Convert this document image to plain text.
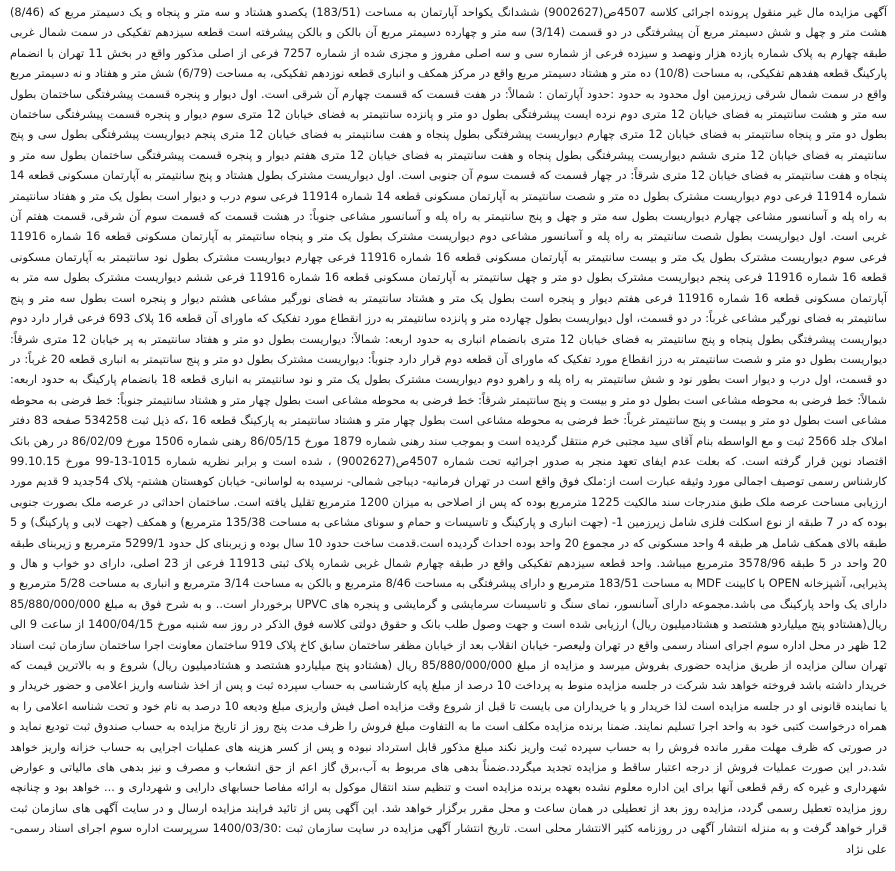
آگهی مزایده مال غیر منقول پرونده اجرائی کلاسه 4507ص(9002627) ششدانگ یکواحد آپارتمان به مساحت (183/51) یکصدو هشتاد و سه متر و پنجاه و یک دسیمتر مربع که (8/46) هشت متر و چهل و شش دسیمتر مربع آن پیشرفتگی در دو قسمت (3/14) سه متر و چهارده دسیمتر مربع آن بالکن و بالکن پیشرفته است قطعه سیزدهم تفکیکی در سمت شمال غربی طبقه چهارم به پلاک شماره یازده هزار ونهصد و سیزده فرعی از شماره سی و سه اصلی مفروز و مجزی شده از شماره 7257 فرعی از اصلی مذکور واقع در بخش 11 تهران با انضمام پارکینگ قطعه هفدهم تفکیکی، به مساحت (10/8) ده متر و هشتاد دسیمتر مربع واقع در مرکز همکف و انباری قطعه نوزدهم تفکیکی، به مساحت (6/79) شش متر و هفتاد و نه دسیمتر مربع واقع در سمت شمال شرقی زیرزمین اول محدود به حدود :حدود آپارتمان : شمالاً: در هفت قسمت که قسمت چهارم آن شرقی است. اول دیوار و پنجره قسمت پیشرفتگی ساختمان بطول سه متر و هشت سانتیمتر به فضای خیابان 12 متری دوم نرده ایست پیشرفتگی بطول دو متر و پانزده سانتیمتر به فضای خیابان 12 متری سوم دیوار و پنجره قسمت پیشرفتگی ساختمان بطول دو متر و پنجاه سانتیمتر به فضای خیابان 12 متری چهارم دیواریست پیشرفتگی بطول پنجاه و هفت سانتیمتر به فضای خیابان 12 متری پنجم دیواریست پیشرفتگی بطول سی و پنج سانتیمتر به فضای خیابان 12 متری ششم دیواریست پیشرفتگی بطول پنجاه و هفت سانتیمتر به فضای خیابان 12 متری هفتم دیوار و پنجره قسمت پیشرفتگی ساختمان بطول سه متر و پنجاه و هفت سانتیمتر به فضای خیابان 12 متری شرقاً: در چهار قسمت که قسمت سوم آن جنوبی است. اول دیواریست مشترک بطول هشتاد و پنج سانتیمتر به آپارتمان مسکونی قطعه 14 شماره 11914 فرعی دوم دیواریست مشترک بطول ده متر و شصت سانتیمتر به آپارتمان مسکونی قطعه 14 شماره 11914 فرعی سوم درب و دیوار است بطول یک متر و هفتاد سانتیمتر به راه پله و آسانسور مشاعی چهارم دیواریست بطول سه متر و چهل و پنج سانتیمتر به راه پله و آسانسور مشاعی جنوباً: در هشت قسمت که قسمت سوم آن شرقی، قسمت هفتم آن غربی است. اول دیواریست بطول شصت سانتیمتر به راه پله و آسانسور مشاعی دوم دیواریست مشترک بطول یک متر و پنجاه سانتیمتر به آپارتمان مسکونی قطعه 16 شماره 11916 فرعی سوم دیواریست مشترک بطول یک متر و بیست سانتیمتر به آپارتمان مسکونی قطعه 16 شماره 11916 فرعی چهارم دیواریست مشترک بطول نود سانتیمتر به آپارتمان مسکونی قطعه 16 شماره 11916 فرعی پنجم دیواریست مشترک بطول دو متر و چهل سانتیمتر به آپارتمان مسکونی قطعه 16 شماره 11916 فرعی ششم دیواریست مشترک بطول سه متر به آپارتمان مسکونی قطعه 16 شماره 11916 فرعی هفتم دیوار و پنجره است بطول یک متر و هشتاد سانتیمتر به فضای نورگیر مشاعی هشتم دیوار و پنجره است بطول سه متر و پنج سانتیمتر به فضای نورگیر مشاعی غرباً: در دو قسمت، اول دیواریست بطول چهارده متر و پانزده سانتیمتر به درز انقطاع مورد تفکیک که ماورای آن قطعه 16 پلاک 693 فرعی قرار دارد دوم دیواریست پیشرفتگی بطول پنجاه و پنج سانتیمتر به فضای خیابان 12 متری بانضمام انباری به حدود اربعه: شمالاً: دیواریست بطول دو متر و هفتاد سانتیمتر به پر خیابان 12 متری شرقاً: دیواریست بطول دو متر و شصت سانتیمتر به درز انقطاع مورد تفکیک که ماورای آن قطعه دوم قرار دارد جنوباً: دیواریست مشترک بطول دو متر و پنج سانتیمتر به انباری قطعه 20 غرباً: در دو قسمت، اول درب و دیوار است بطور نود و شش سانتیمتر به راه پله و راهرو دوم دیواریست مشترک بطول یک متر و نود سانتیمتر به انباری قطعه 18 بانضمام پارکینگ به حدود اربعه: شمالاً: خط فرضی به محوطه مشاعی است بطول دو متر و بیست و پنج سانتیمتر شرقاً: خط فرضی به محوطه مشاعی است بطول چهار متر و هشتاد سانتیمتر جنوباً: خط فرضی به محوطه مشاعی است بطول دو متر و بیست و پنج سانتیمتر غرباً: خط فرضی به محوطه مشاعی است بطول چهار متر و هشتاد سانتیمتر به پارکینگ قطعه 16 ،که ذیل ثبت 534258 صفحه 83 دفتر املاک جلد 2566 ثبت و مع الواسطه بنام آقای سید مجتبی خرم منتقل گردیده است و بموجب سند رهنی شماره 1879 مورخ 86/05/15 رهنی شماره 1506 مورخ 86/02/09 در رهن بانک اقتصاد نوین قرار گرفته است. که بعلت عدم ایفای تعهد منجر به صدور اجرائیه تحت شماره 4507ص(9002627) ، شده است و برابر نظریه شماره 1015-13-99 مورخ 99.10.15 کارشناس رسمی توصیف اجمالی مورد وثیقه عبارت است از:ملک فوق واقع است در تهران فرمانیه- دیباجی شمالی- نرسیده به لواسانی- خیابان کوهستان هشتم- پلاک 54جدید 9 قدیم مورد ارزیابی مساحت عرصه ملک طبق مندرجات سند مالکیت 1225 مترمربع بوده که پس از اصلاحی به میزان 1200 مترمربع تقلیل یافته است. ساختمان احداثی در عرصه ملک بصورت جنوبی بوده که در 7 طبقه از نوع اسکلت فلزی شامل زیرزمین 1- (جهت انباری و پارکینگ و تاسیسات و حمام و سونای مشاعی به مساحت 135/38 مترمربع) و همکف (جهت لابی و پارکینگ) و 5 طبقه بالای همکف شامل هر طبقه 4 واحد مسکونی که در مجموع 20 واحد بوده احداث گردیده است.قدمت ساخت حدود 10 سال بوده و زیربنای کل حدود 5299/1 مترمربع و زیربنای طبقه 20 واحد در 5 طبقه 3578/96 مترمربع میباشد. واحد قطعه سیزدهم تفکیکی واقع در طبقه چهارم شمال غربی شماره پلاک ثبتی 11913 فرعی از 23 اصلی، دارای دو خواب و هال و پذیرایی، آشپزخانه OPEN با کابینت MDF به مساحت 183/51 مترمربع و دارای پیشرفتگی به مساحت 8/46 مترمربع و بالکن به مساحت 3/14 مترمربع و انباری به مساحت 5/28 مترمربع و دارای یک واحد پارکینگ می باشد.مجموعه دارای آسانسور، نمای سنگ و تاسیسات سرمایشی و گرمایشی و پنجره های UPVC برخوردار است.. و به شرح فوق به مبلغ 85/880/000/000 ریال(هشتادو پنج میلیاردو هشتصد و هشتادمیلیون ریال) ارزیابی شده است و جهت وصول طلب بانک و حقوق دولتی کلاسه فوق الذکر در روز سه شنبه مورخ 1400/04/15 از ساعت 9 الی 12 ظهر در محل اداره سوم اجرای اسناد رسمی واقع در تهران ولیعصر- خیابان انقلاب بعد از خیابان مظفر ساختمان سابق کاخ پلاک 919 ساختمان معاونت اجرا ساختمان سازمان ثبت اسناد تهران سالن مزایده از طریق مزایده حضوری بفروش میرسد و مزایده از مبلغ 85/880/000/000 ریال (هشتادو پنج میلیاردو هشتصد و هشتادمیلیون ریال) شروع و به بالاترین قیمت که خریدار داشته باشد فروخته خواهد شد شرکت در جلسه مزایده منوط به پرداخت 10 درصد از مبلغ پایه کارشناسی به حساب سپرده ثبت و پس از اخذ شناسه واریز اعلامی و حضور خریدار و یا نماینده قانونی او در جلسه مزایده است لذا خریدار و یا خریداران می بایست تا قبل از شروع وقت مزایده اصل فیش واریزی مبلغ ودیعه 10 درصد به نام خود و تحت شناسه اعلامی را به همراه درخواست کتبی خود به واحد اجرا تسلیم نمایند. ضمنا برنده مزایده مکلف است ما به التفاوت مبلغ فروش را ظرف مدت پنج روز از تاریخ مزایده به حساب صندوق ثبت تودیع نماید و در صورتی که ظرف مهلت مقرر مانده فروش را به حساب سپرده ثبت واریز نکند مبلغ مذکور قابل استرداد نبوده و پس از کسر هزینه های عملیات اجرایی به حساب خزانه واریز خواهد شد.در این صورت عملیات فروش از درجه اعتبار ساقط و مزایده تجدید میگردد.ضمناً بدهی های مربوط به آب،برق گاز اعم از حق انشعاب و مصرف و نیز بدهی های مالیاتی و عوارض شهرداری و غیره که رقم قطعی آنها برای این اداره معلوم نشده بعهده برنده مزایده است و تنظیم سند انتقال موکول به ارائه مفاصا حسابهای دارایی و شهرداری و ... خواهد بود و چنانچه روز مزایده تعطیل رسمی گردد، مزایده روز بعد از تعطیلی در همان ساعت و محل مقرر برگزار خواهد شد. این آگهی پس از تائید فرایند مزایده ارسال و در سایت آگهی های سازمان ثبت قرار خواهد گرفت و به منزله انتشار آگهی در روزنامه کثیر الانتشار محلی است. تاریخ انتشار آگهی مزایده در سایت سازمان ثبت :1400/03/30 سرپرست اداره سوم اجرای اسناد رسمی-علی نژاد
